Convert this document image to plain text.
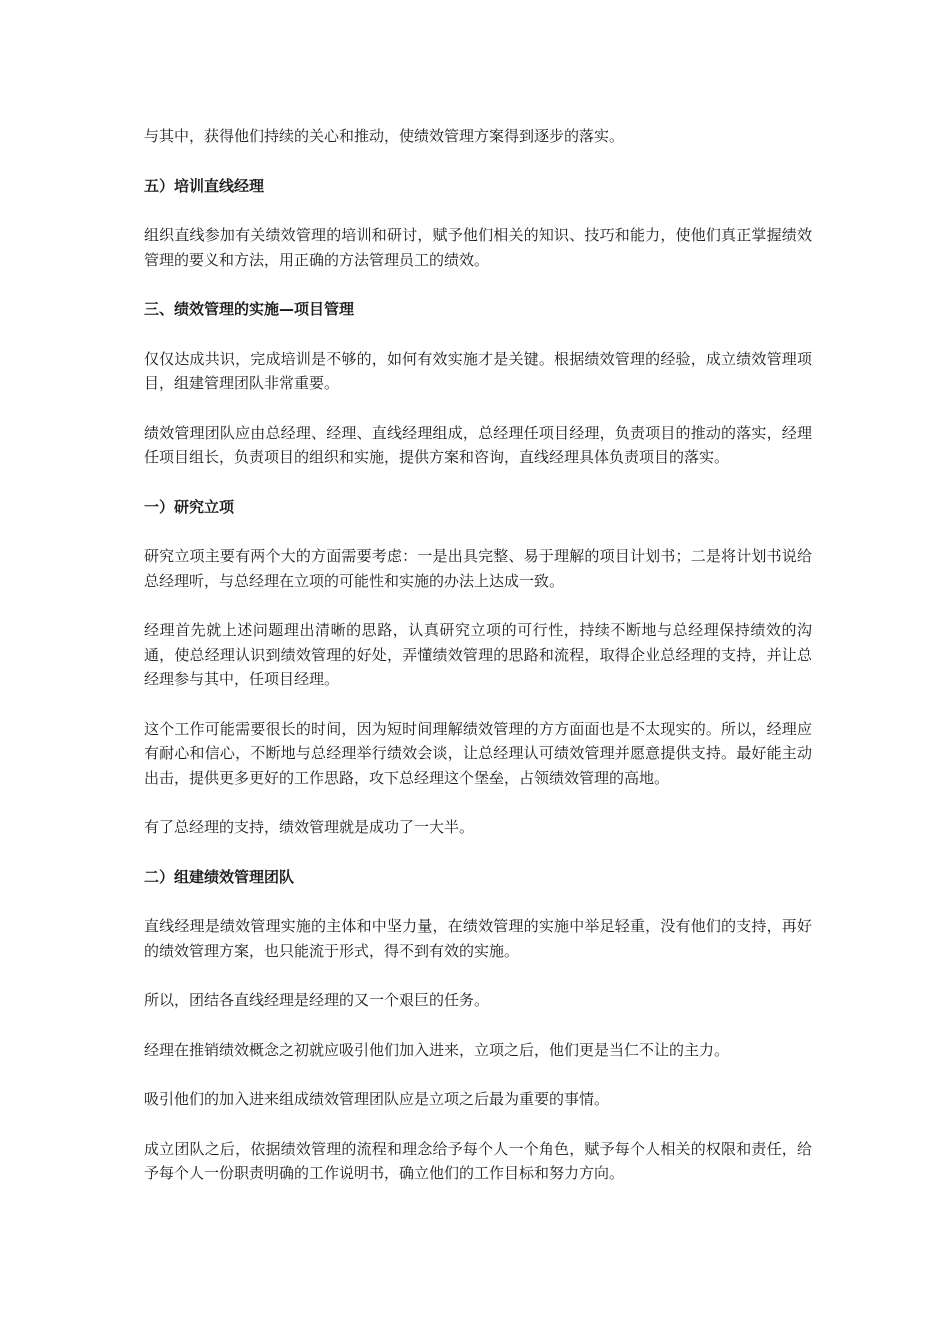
与其中，获得他们持续的关心和推动，使绩效管理方案得到逐步的落实。

五）培训直线经理

组织直线参加有关绩效管理的培训和研讨，赋予他们相关的知识、技巧和能力，使他们真正掌握绩效管理的要义和方法，用正确的方法管理员工的绩效。

三、绩效管理的实施—项目管理

仅仅达成共识，完成培训是不够的，如何有效实施才是关键。根据绩效管理的经验，成立绩效管理项目，组建管理团队非常重要。

绩效管理团队应由总经理、经理、直线经理组成，总经理任项目经理，负责项目的推动的落实，经理任项目组长，负责项目的组织和实施，提供方案和咨询，直线经理具体负责项目的落实。

一）研究立项

研究立项主要有两个大的方面需要考虑：一是出具完整、易于理解的项目计划书；二是将计划书说给总经理听，与总经理在立项的可能性和实施的办法上达成一致。

经理首先就上述问题理出清晰的思路，认真研究立项的可行性，持续不断地与总经理保持绩效的沟通，使总经理认识到绩效管理的好处，弄懂绩效管理的思路和流程，取得企业总经理的支持，并让总经理参与其中，任项目经理。

这个工作可能需要很长的时间，因为短时间理解绩效管理的方方面面也是不太现实的。所以，经理应有耐心和信心，不断地与总经理举行绩效会谈，让总经理认可绩效管理并愿意提供支持。最好能主动出击，提供更多更好的工作思路，攻下总经理这个堡垒，占领绩效管理的高地。

有了总经理的支持，绩效管理就是成功了一大半。

二）组建绩效管理团队

直线经理是绩效管理实施的主体和中坚力量，在绩效管理的实施中举足轻重，没有他们的支持，再好的绩效管理方案，也只能流于形式，得不到有效的实施。

所以，团结各直线经理是经理的又一个艰巨的任务。

经理在推销绩效概念之初就应吸引他们加入进来，立项之后，他们更是当仁不让的主力。

吸引他们的加入进来组成绩效管理团队应是立项之后最为重要的事情。

成立团队之后，依据绩效管理的流程和理念给予每个人一个角色，赋予每个人相关的权限和责任，给予每个人一份职责明确的工作说明书，确立他们的工作目标和努力方向。
